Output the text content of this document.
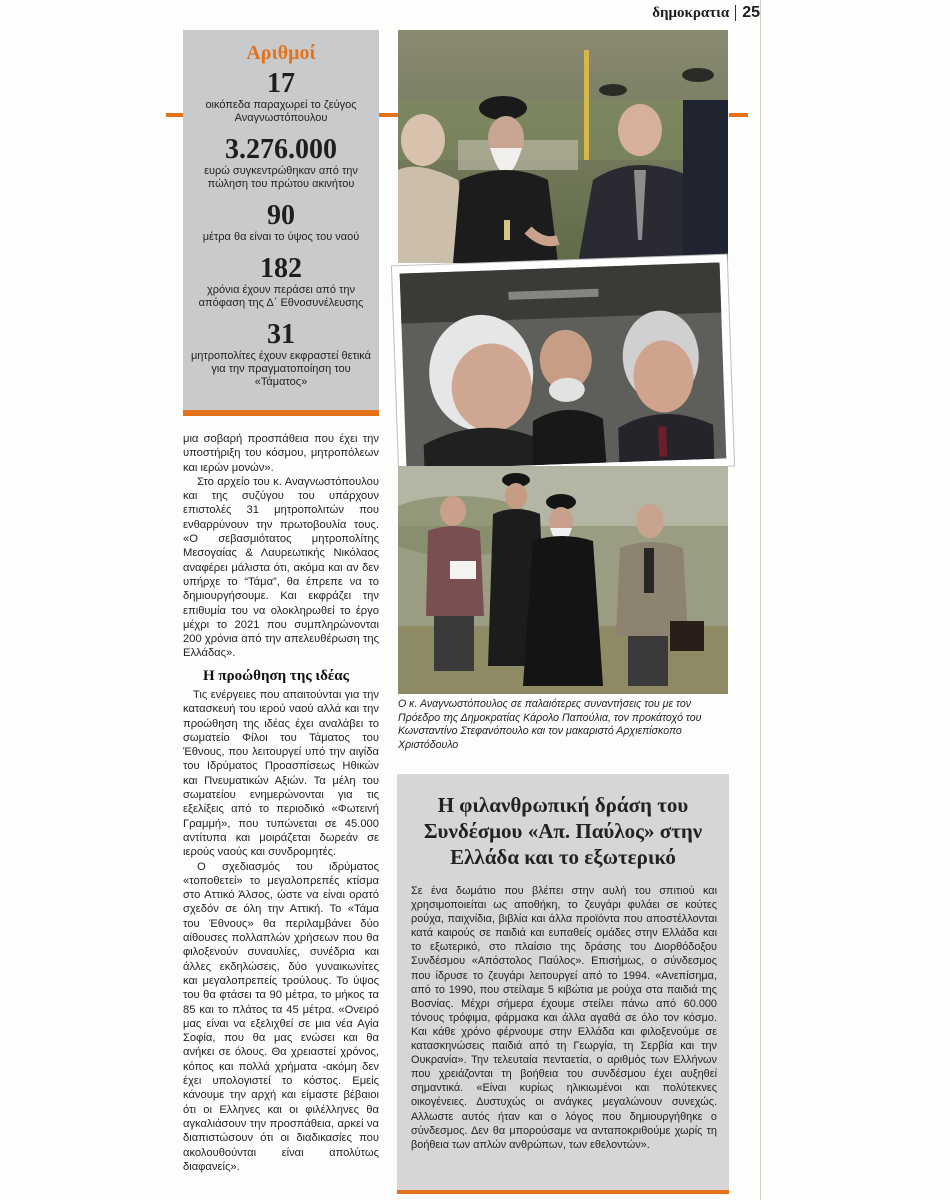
δημοκρατια 25
Αριθμοί
17
οικόπεδα παραχωρεί το ζεύγος Αναγνωστόπουλου
3.276.000
ευρώ συγκεντρώθηκαν από την πώληση του πρώτου ακινήτου
90
μέτρα θα είναι το ύψος του ναού
182
χρόνια έχουν περάσει από την απόφαση της Δ΄ Εθνοσυνέλευσης
31
μητροπολίτες έχουν εκφραστεί θετικά για την πραγματοποίηση του «Τάματος»

μια σοβαρή προσπάθεια που έχει την υποστήριξη του κόσμου, μητροπόλεων και ιερών μονών».

Στο αρχείο του κ. Αναγνωστόπουλου και της συζύγου του υπάρχουν επιστολές 31 μητροπολιτών που ενθαρρύνουν την πρωτοβουλία τους. «Ο σεβασμιότατος μητροπολίτης Μεσογαίας & Λαυρεωτικής Νικόλαος αναφέρει μάλιστα ότι, ακόμα και αν δεν υπήρχε το “Τάμα”, θα έπρεπε να το δημιουργήσουμε. Και εκφράζει την επιθυμία του να ολοκληρωθεί το έργο μέχρι το 2021 που συμπληρώνονται 200 χρόνια από την απελευθέρωση της Ελλάδας».

Η προώθηση της ιδέας

Τις ενέργειες που απαιτούνται για την κατασκευή του ιερού ναού αλλά και την προώθηση της ιδέας έχει αναλάβει το σωματείο Φίλοι του Τάματος του Έθνους, που λειτουργεί υπό την αιγίδα του Ιδρύματος Προασπίσεως Ηθικών και Πνευματικών Αξιών. Τα μέλη του σωματείου ενημερώνονται για τις εξελίξεις από το περιοδικό «Φωτεινή Γραμμή», που τυπώνεται σε 45.000 αντίτυπα και μοιράζεται δωρεάν σε ιερούς ναούς και συνδρομητές.

Ο σχεδιασμός του ιδρύματος «τοποθετεί» το μεγαλοπρεπές κτίσμα στο Αττικό Άλσος, ώστε να είναι ορατό σχεδόν σε όλη την Αττική. Το «Τάμα του Έθνους» θα περιλαμβάνει δύο αίθουσες πολλαπλών χρήσεων που θα φιλοξενούν συναυλίες, συνέδρια και άλλες εκδηλώσεις, δύο γυναικωνίτες και μεγαλοπρεπείς τρούλους. Το ύψος του θα φτάσει τα 90 μέτρα, το μήκος τα 85 και το πλάτος τα 45 μέτρα. «Ονειρό μας είναι να εξελιχθεί σε μια νέα Αγία Σοφία, που θα μας ενώσει και θα ανήκει σε όλους. Θα χρειαστεί χρόνος, κόπος και πολλά χρήματα -ακόμη δεν έχει υπολογιστεί το κόστος. Εμείς κάνουμε την αρχή και είμαστε βέβαιοι ότι οι Ελληνες και οι φιλέλληνες θα αγκαλιάσουν την προσπάθεια, αρκεί να διαπιστώσουν ότι οι διαδικασίες που ακολουθούνται είναι απολύτως διαφανείς».

Ο κ. Αναγνωστόπουλος σε παλαιότερες συναντήσεις του με τον Πρόεδρο της Δημοκρατίας Κάρολο Παπούλια, τον προκάτοχό του Κωνσταντίνο Στεφανόπουλο και τον μακαριστό Αρχιεπίσκοπο Χριστόδουλο
Η φιλανθρωπική δράση του Συνδέσμου «Απ. Παύλος» στην Ελλάδα και το εξωτερικό
Σε ένα δωμάτιο που βλέπει στην αυλή του σπιτιού και χρησιμοποιείται ως αποθήκη, το ζευγάρι φυλάει σε κούτες ρούχα, παιχνίδια, βιβλία και άλλα προϊόντα που αποστέλλονται κατά καιρούς σε παιδιά και ευπαθείς ομάδες στην Ελλάδα και το εξωτερικό, στο πλαίσιο της δράσης του Διορθόδοξου Συνδέσμου «Απόστολος Παύλος». Επισήμως, ο σύνδεσμος που ίδρυσε το ζευγάρι λειτουργεί από το 1994. «Ανεπίσημα, από το 1990, που στείλαμε 5 κιβώτια με ρούχα στα παιδιά της Βοσνίας. Μέχρι σήμερα έχουμε στείλει πάνω από 60.000 τόνους τρόφιμα, φάρμακα και άλλα αγαθά σε όλο τον κόσμο. Και κάθε χρόνο φέρνουμε στην Ελλάδα και φιλοξενούμε σε κατασκηνώσεις παιδιά από τη Γεωργία, τη Σερβία και την Ουκρανία». Την τελευταία πενταετία, ο αριθμός των Ελλήνων που χρειάζονται τη βοήθεια του συνδέσμου έχει αυξηθεί σημαντικά. «Είναι κυρίως ηλικιωμένοι και πολύτεκνες οικογένειες. Δυστυχώς οι ανάγκες μεγαλώνουν συνεχώς. Αλλωστε αυτός ήταν και ο λόγος που δημιουργήθηκε ο σύνδεσμος. Δεν θα μπορούσαμε να ανταποκριθούμε χωρίς τη βοήθεια των απλών ανθρώπων, των εθελοντών».
